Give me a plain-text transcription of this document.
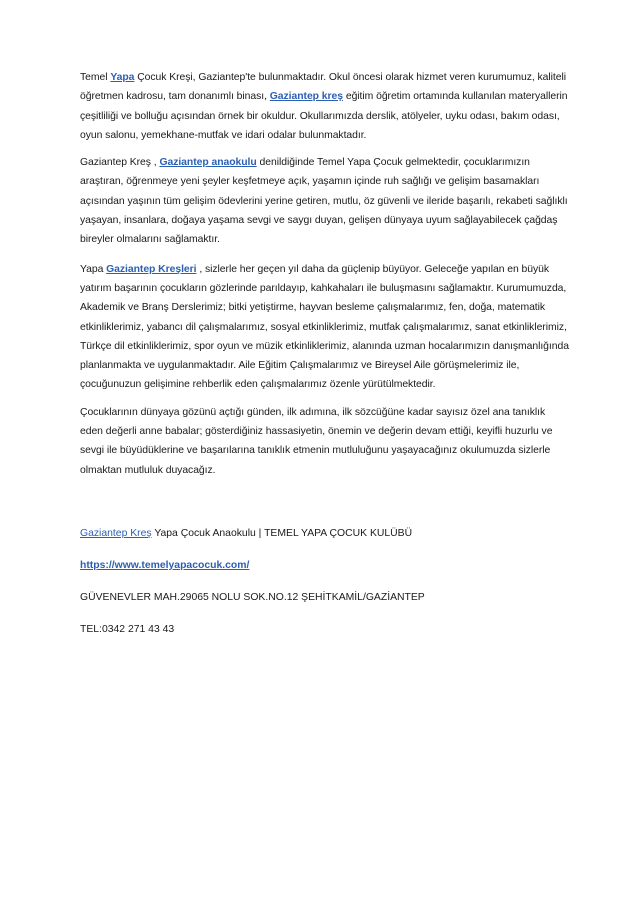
Temel Yapa Çocuk Kreşi, Gaziantep'te bulunmaktadır. Okul öncesi olarak hizmet veren kurumumuz, kaliteli öğretmen kadrosu, tam donanımlı binası, Gaziantep kreş eğitim öğretim ortamında kullanılan materyallerin çeşitliliği ve bolluğu açısından örnek bir okuldur. Okullarımızda derslik, atölyeler, uyku odası, bakım odası, oyun salonu, yemekhane-mutfak ve idari odalar bulunmaktadır.

Gaziantep Kreş , Gaziantep anaokulu denildiğinde Temel Yapa Çocuk gelmektedir, çocuklarımızın araştıran, öğrenmeye yeni şeyler keşfetmeye açık, yaşamın içinde ruh sağlığı ve gelişim basamakları açısından yaşının tüm gelişim ödevlerini yerine getiren, mutlu, öz güvenli ve ileride başarılı, rekabeti sağlıklı yaşayan, insanlara, doğaya yaşama sevgi ve saygı duyan, gelişen dünyaya uyum sağlayabilecek çağdaş bireyler olmalarını sağlamaktır.

Yapa Gaziantep Kreşleri , sizlerle her geçen yıl daha da güçlenip büyüyor. Geleceğe yapılan en büyük yatırım başarının çocukların gözlerinde parıldayıp, kahkahaları ile buluşmasını sağlamaktır. Kurumumuzda, Akademik ve Branş Derslerimiz; bitki yetiştirme, hayvan besleme çalışmalarımız, fen, doğa, matematik etkinliklerimiz, yabancı dil çalışmalarımız, sosyal etkinliklerimiz, mutfak çalışmalarımız, sanat etkinliklerimiz, Türkçe dil etkinliklerimiz, spor oyun ve müzik etkinliklerimiz, alanında uzman hocalarımızın danışmanlığında planlanmakta ve uygulanmaktadır. Aile Eğitim Çalışmalarımız ve Bireysel Aile görüşmelerimiz ile, çocuğunuzun gelişimine rehberlik eden çalışmalarımız özenle yürütülmektedir.

Çocuklarının dünyaya gözünü açtığı günden, ilk adımına, ilk sözcüğüne kadar sayısız özel ana tanıklık eden değerli anne babalar; gösterdiğiniz hassasiyetin, önemin ve değerin devam ettiği, keyifli huzurlu ve sevgi ile büyüdüklerine ve başarılarına tanıklık etmenin mutluluğunu yaşayacağınız okulumuzda sizlerle olmaktan mutluluk duyacağız.

Gaziantep Kreş Yapa Çocuk Anaokulu | TEMEL YAPA ÇOCUK KULÜBÜ

https://www.temelyapacocuk.com/

GÜVENEVLER MAH.29065 NOLU SOK.NO.12 ŞEHİTKAMİL/GAZİANTEP

TEL:0342 271 43 43
